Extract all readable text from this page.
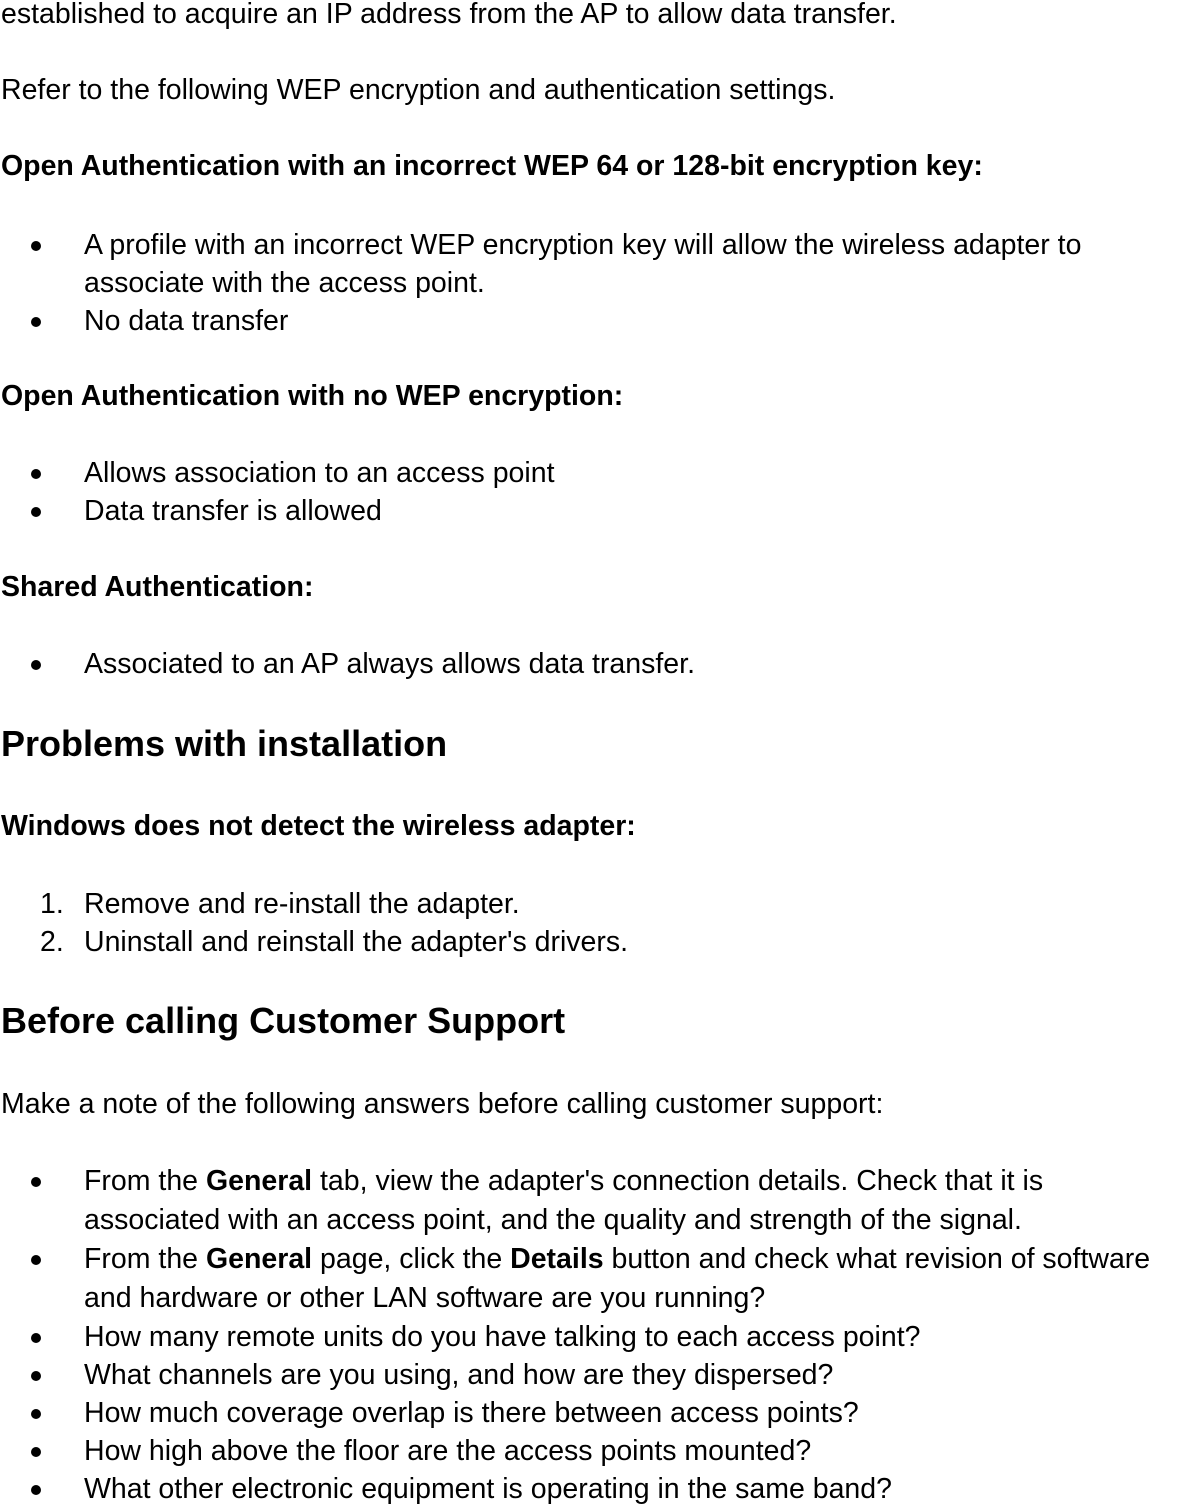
established to acquire an IP address from the AP to allow data transfer.

Refer to the following WEP encryption and authentication settings.

Open Authentication with an incorrect WEP 64 or 128-bit encryption key:

A profile with an incorrect WEP encryption key will allow the wireless adapter to associate with the access point.
No data transfer

Open Authentication with no WEP encryption:

Allows association to an access point
Data transfer is allowed

Shared Authentication:

Associated to an AP always allows data transfer.

Problems with installation

Windows does not detect the wireless adapter:

1. Remove and re-install the adapter.
2. Uninstall and reinstall the adapter's drivers.

Before calling Customer Support

Make a note of the following answers before calling customer support:

From the General tab, view the adapter's connection details. Check that it is associated with an access point, and the quality and strength of the signal.
From the General page, click the Details button and check what revision of software and hardware or other LAN software are you running?
How many remote units do you have talking to each access point?
What channels are you using, and how are they dispersed?
How much coverage overlap is there between access points?
How high above the floor are the access points mounted?
What other electronic equipment is operating in the same band?
